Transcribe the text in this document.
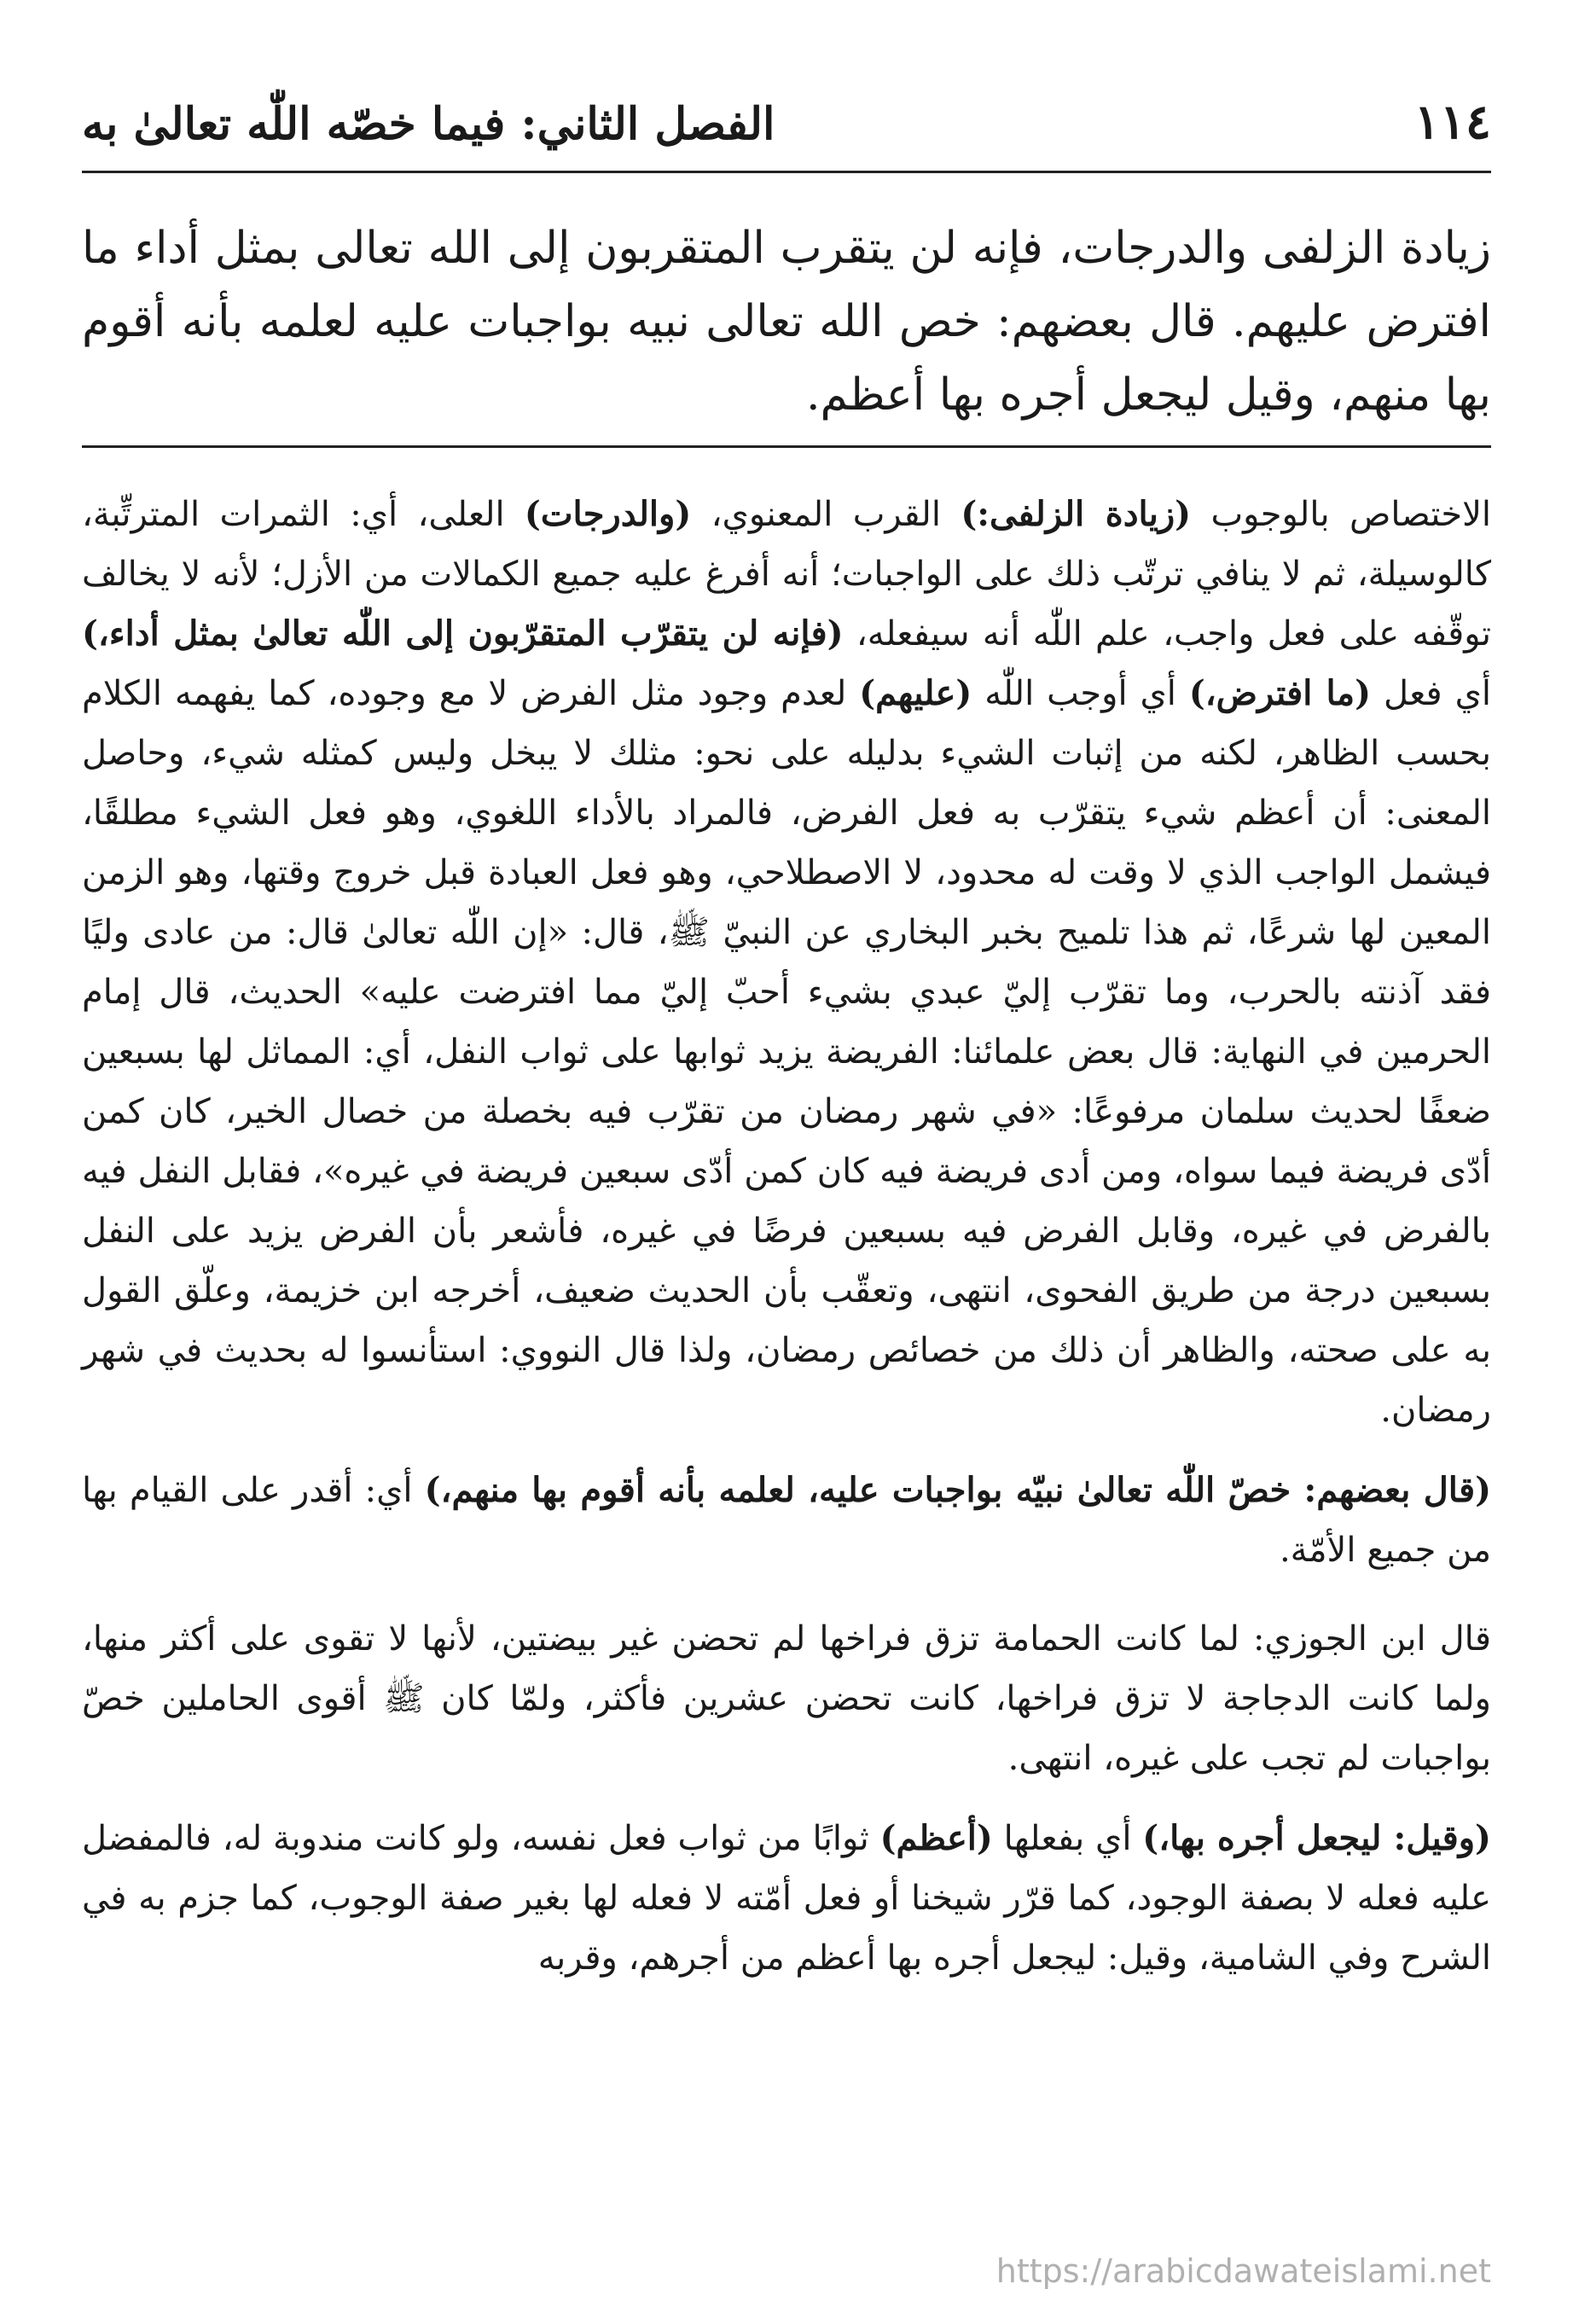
١١٤
الفصل الثاني: فيما خصّه اللّٰه تعالىٰ به
زيادة الزلفى والدرجات، فإنه لن يتقرب المتقربون إلى الله تعالى بمثل أداء ما افترض عليهم. قال بعضهم: خص الله تعالى نبيه بواجبات عليه لعلمه بأنه أقوم بها منهم، وقيل ليجعل أجره بها أعظم.

الاختصاص بالوجوب (زيادة الزلفى:) القرب المعنوي، (والدرجات) العلى، أي: الثمرات المترتِّبة، كالوسيلة، ثم لا ينافي ترتّب ذلك على الواجبات؛ أنه أفرغ عليه جميع الكمالات من الأزل؛ لأنه لا يخالف توقّفه على فعل واجب، علم اللّٰه أنه سيفعله، (فإنه لن يتقرّب المتقرّبون إلى اللّٰه تعالىٰ بمثل أداء،) أي فعل (ما افترض،) أي أوجب اللّٰه (عليهم) لعدم وجود مثل الفرض لا مع وجوده، كما يفهمه الكلام بحسب الظاهر، لكنه من إثبات الشيء بدليله على نحو: مثلك لا يبخل وليس كمثله شيء، وحاصل المعنى: أن أعظم شيء يتقرّب به فعل الفرض، فالمراد بالأداء اللغوي، وهو فعل الشيء مطلقًا، فيشمل الواجب الذي لا وقت له محدود، لا الاصطلاحي، وهو فعل العبادة قبل خروج وقتها، وهو الزمن المعين لها شرعًا، ثم هذا تلميح بخبر البخاري عن النبيّ ﷺ، قال: «إن اللّٰه تعالىٰ قال: من عادى وليًا فقد آذنته بالحرب، وما تقرّب إليّ عبدي بشيء أحبّ إليّ مما افترضت عليه» الحديث، قال إمام الحرمين في النهاية: قال بعض علمائنا: الفريضة يزيد ثوابها على ثواب النفل، أي: المماثل لها بسبعين ضعفًا لحديث سلمان مرفوعًا: «في شهر رمضان من تقرّب فيه بخصلة من خصال الخير، كان كمن أدّى فريضة فيما سواه، ومن أدى فريضة فيه كان كمن أدّى سبعين فريضة في غيره»، فقابل النفل فيه بالفرض في غيره، وقابل الفرض فيه بسبعين فرضًا في غيره، فأشعر بأن الفرض يزيد على النفل بسبعين درجة من طريق الفحوى، انتهى، وتعقّب بأن الحديث ضعيف، أخرجه ابن خزيمة، وعلّق القول به على صحته، والظاهر أن ذلك من خصائص رمضان، ولذا قال النووي: استأنسوا له بحديث في شهر رمضان.

(قال بعضهم: خصّ اللّٰه تعالىٰ نبيّه بواجبات عليه، لعلمه بأنه أقوم بها منهم،) أي: أقدر على القيام بها من جميع الأمّة.

قال ابن الجوزي: لما كانت الحمامة تزق فراخها لم تحضن غير بيضتين، لأنها لا تقوى على أكثر منها، ولما كانت الدجاجة لا تزق فراخها، كانت تحضن عشرين فأكثر، ولمّا كان ﷺ أقوى الحاملين خصّ بواجبات لم تجب على غيره، انتهى.

(وقيل: ليجعل أجره بها،) أي بفعلها (أعظم) ثوابًا من ثواب فعل نفسه، ولو كانت مندوبة له، فالمفضل عليه فعله لا بصفة الوجود، كما قرّر شيخنا أو فعل أمّته لا فعله لها بغير صفة الوجوب، كما جزم به في الشرح وفي الشامية، وقيل: ليجعل أجره بها أعظم من أجرهم، وقربه

https://arabicdawateislami.net
